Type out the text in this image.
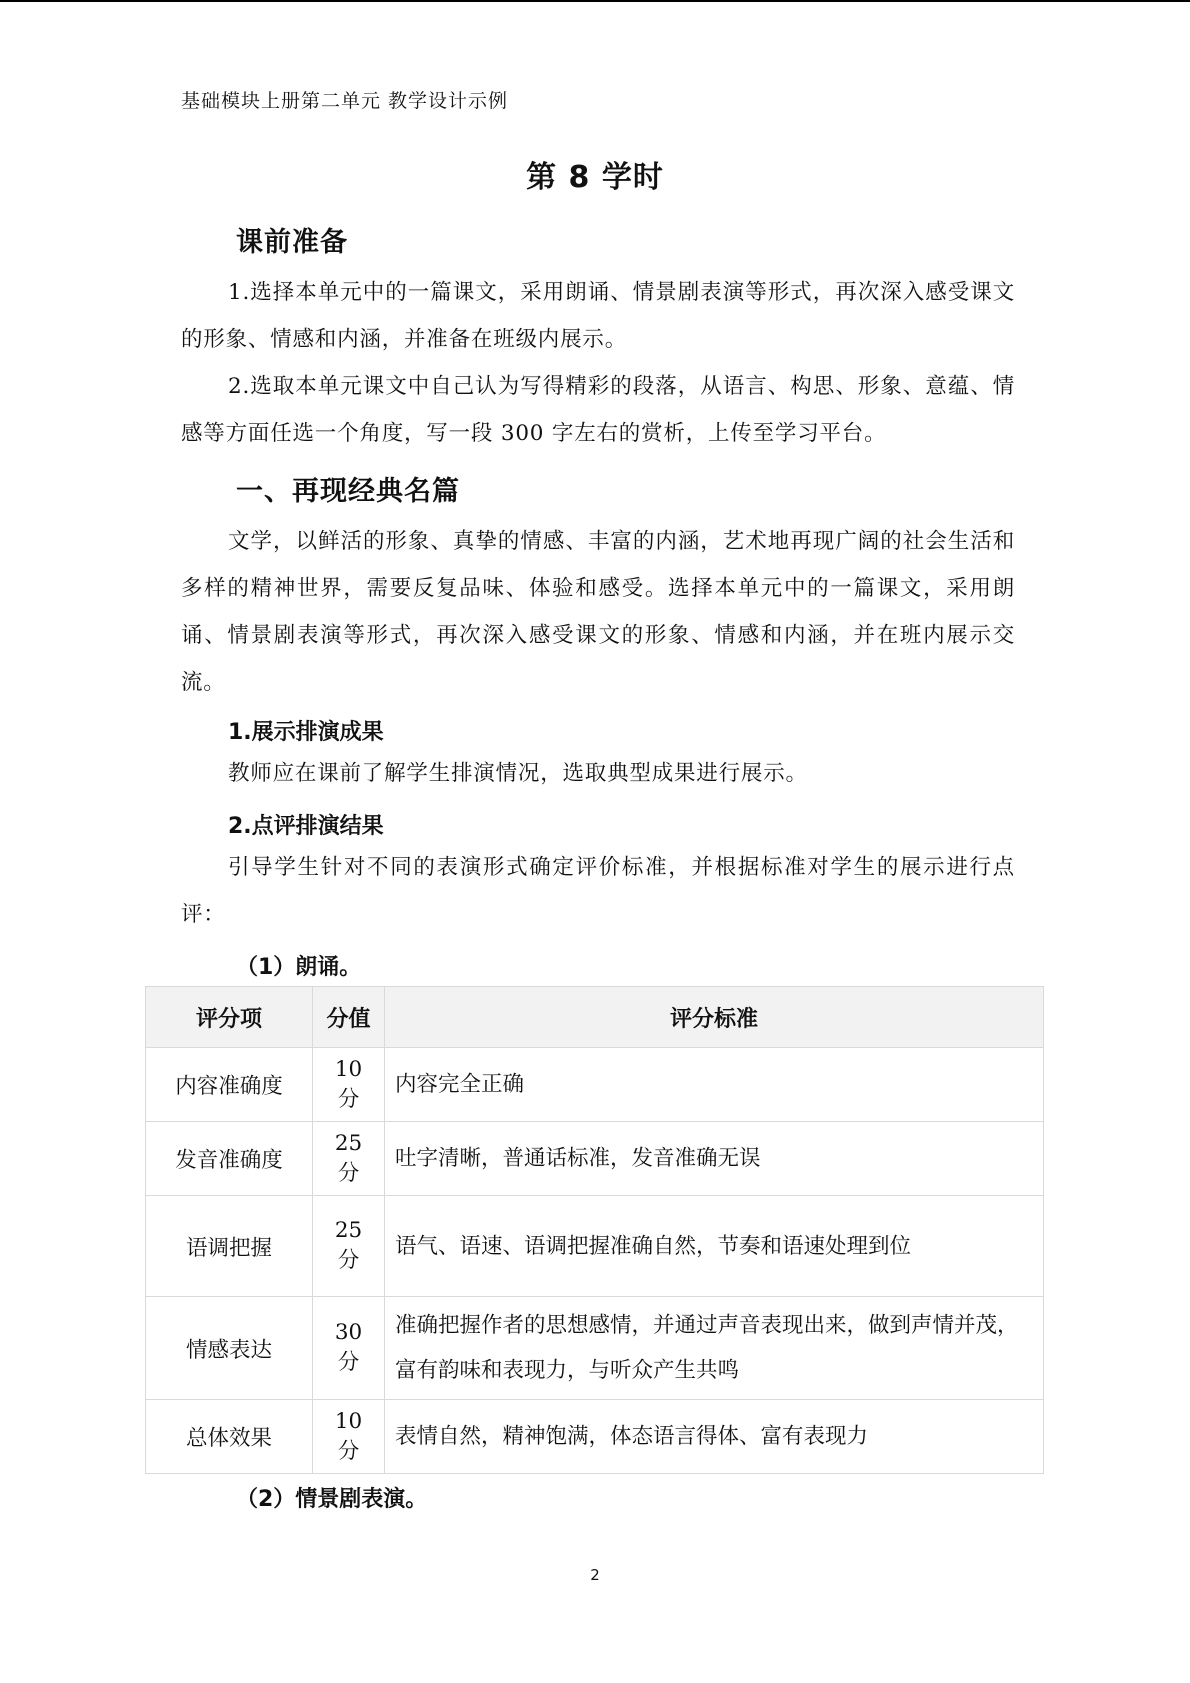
基础模块上册第二单元 教学设计示例
第 8 学时
课前准备
1.选择本单元中的一篇课文，采用朗诵、情景剧表演等形式，再次深入感受课文的形象、情感和内涵，并准备在班级内展示。
2.选取本单元课文中自己认为写得精彩的段落，从语言、构思、形象、意蕴、情感等方面任选一个角度，写一段 300 字左右的赏析，上传至学习平台。
一、再现经典名篇
文学，以鲜活的形象、真挚的情感、丰富的内涵，艺术地再现广阔的社会生活和多样的精神世界，需要反复品味、体验和感受。选择本单元中的一篇课文，采用朗诵、情景剧表演等形式，再次深入感受课文的形象、情感和内涵，并在班内展示交流。
1.展示排演成果
教师应在课前了解学生排演情况，选取典型成果进行展示。
2.点评排演结果
引导学生针对不同的表演形式确定评价标准，并根据标准对学生的展示进行点评：
（1）朗诵。
评分项	分值	评分标准
内容准确度	10 分	内容完全正确
发音准确度	25 分	吐字清晰，普通话标准，发音准确无误
语调把握	25 分	语气、语速、语调把握准确自然，节奏和语速处理到位
情感表达	30 分	准确把握作者的思想感情，并通过声音表现出来，做到声情并茂，富有韵味和表现力，与听众产生共鸣
总体效果	10 分	表情自然，精神饱满，体态语言得体、富有表现力
（2）情景剧表演。
2
